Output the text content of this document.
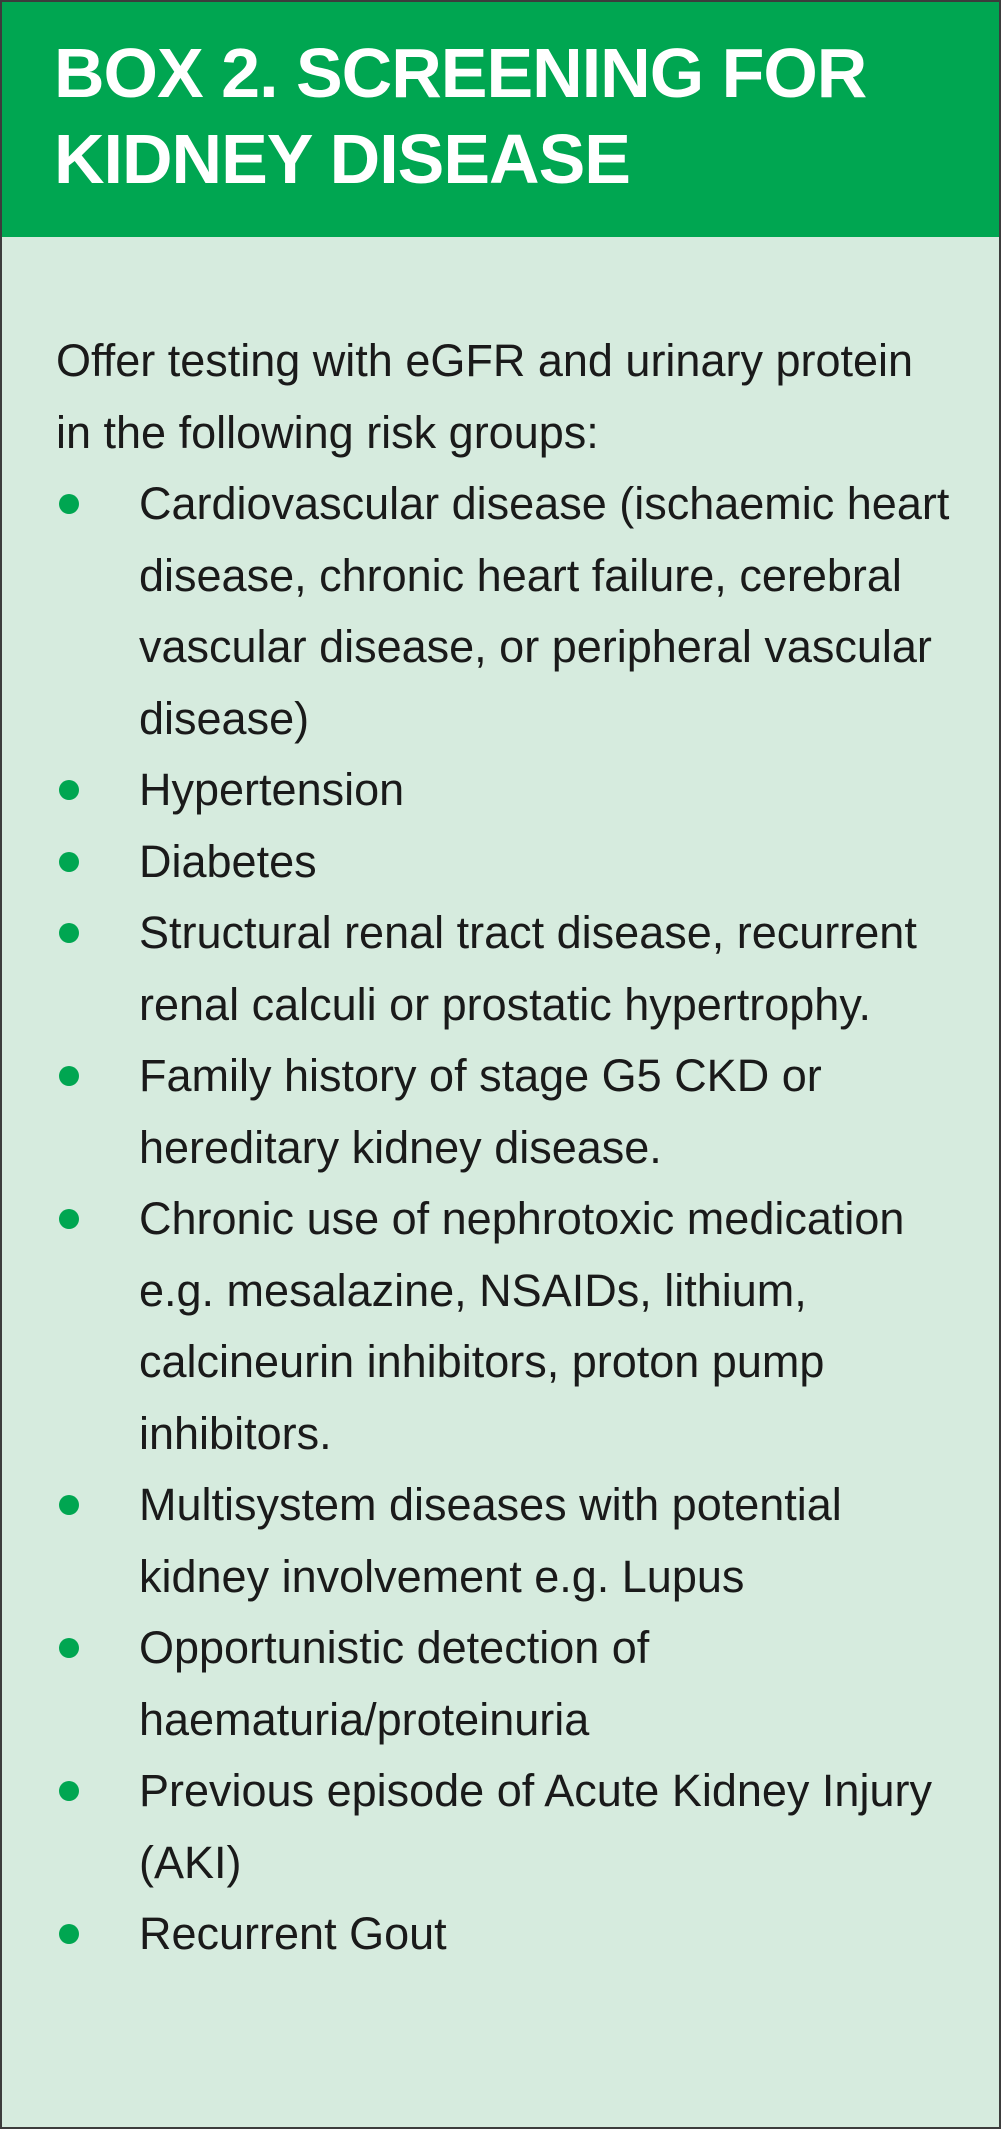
BOX 2. SCREENING FOR
KIDNEY DISEASE

Offer testing with eGFR and urinary protein in the following risk groups:

Cardiovascular disease (ischaemic heart disease, chronic heart failure, cerebral vascular disease, or peripheral vascular disease)
Hypertension
Diabetes
Structural renal tract disease, recurrent renal calculi or prostatic hypertrophy.
Family history of stage G5 CKD or hereditary kidney disease.
Chronic use of nephrotoxic medication e.g. mesalazine, NSAIDs, lithium, calcineurin inhibitors, proton pump inhibitors.
Multisystem diseases with potential kidney involvement e.g. Lupus
Opportunistic detection of haematuria/proteinuria
Previous episode of Acute Kidney Injury (AKI)
Recurrent Gout
